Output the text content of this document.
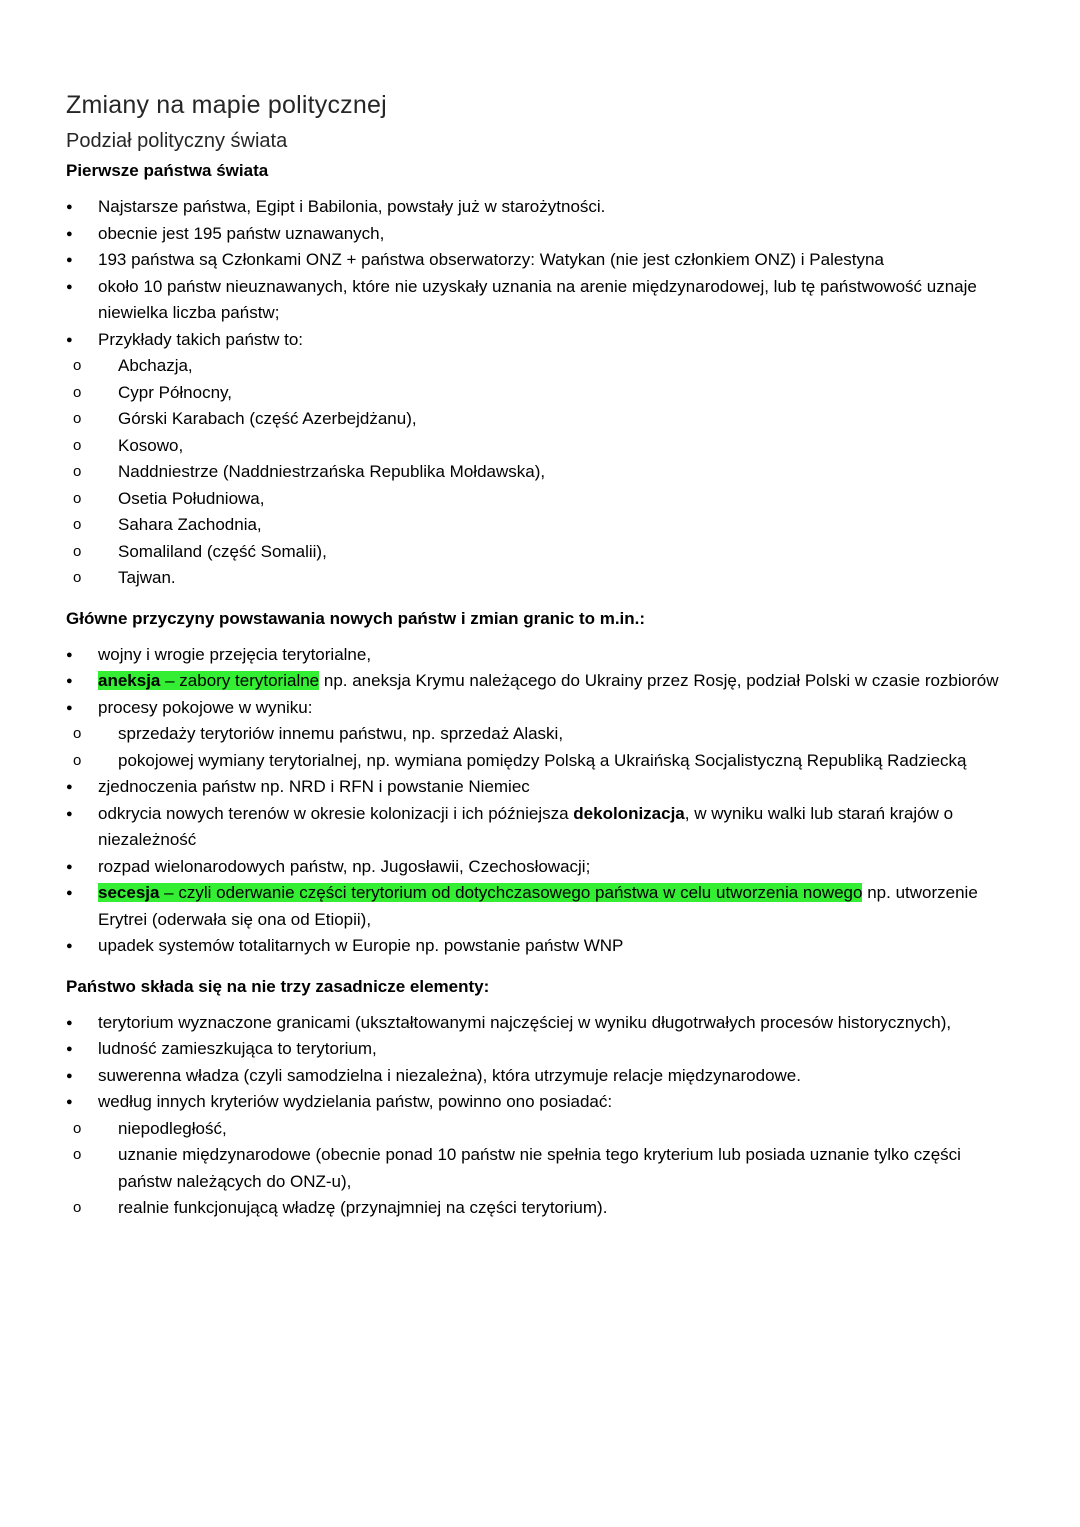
Zmiany na mapie politycznej
Podział polityczny świata
Pierwsze państwa świata
● Najstarsze państwa, Egipt i Babilonia, powstały już w starożytności.
● obecnie jest 195 państw uznawanych,
● 193 państwa są Członkami ONZ + państwa obserwatorzy: Watykan (nie jest członkiem ONZ) i Palestyna
● około 10 państw nieuznawanych, które nie uzyskały uznania na arenie międzynarodowej, lub tę państwowość uznaje niewielka liczba państw;
● Przykłady takich państw to:
o Abchazja,
o Cypr Północny,
o Górski Karabach (część Azerbejdżanu),
o Kosowo,
o Naddniestrze (Naddniestrzańska Republika Mołdawska),
o Osetia Południowa,
o Sahara Zachodnia,
o Somaliland (część Somalii),
o Tajwan.
Główne przyczyny powstawania nowych państw i zmian granic to m.in.:
● wojny i wrogie przejęcia terytorialne,
● aneksja – zabory terytorialne np. aneksja Krymu należącego do Ukrainy przez Rosję, podział Polski w czasie rozbiorów
● procesy pokojowe w wyniku:
o sprzedaży terytoriów innemu państwu, np. sprzedaż Alaski,
o pokojowej wymiany terytorialnej, np. wymiana pomiędzy Polską a Ukraińską Socjalistyczną Republiką Radziecką
● zjednoczenia państw np. NRD i RFN i powstanie Niemiec
● odkrycia nowych terenów w okresie kolonizacji i ich późniejsza dekolonizacja, w wyniku walki lub starań krajów o niezależność
● rozpad wielonarodowych państw, np. Jugosławii, Czechosłowacji;
● secesja – czyli oderwanie części terytorium od dotychczasowego państwa w celu utworzenia nowego np. utworzenie Erytrei (oderwała się ona od Etiopii),
● upadek systemów totalitarnych w Europie np. powstanie państw WNP
Państwo składa się na nie trzy zasadnicze elementy:
● terytorium wyznaczone granicami (ukształtowanymi najczęściej w wyniku długotrwałych procesów historycznych),
● ludność zamieszkująca to terytorium,
● suwerenna władza (czyli samodzielna i niezależna), która utrzymuje relacje międzynarodowe.
● według innych kryteriów wydzielania państw, powinno ono posiadać:
o niepodległość,
o uznanie międzynarodowe (obecnie ponad 10 państw nie spełnia tego kryterium lub posiada uznanie tylko części państw należących do ONZ-u),
o realnie funkcjonującą władzę (przynajmniej na części terytorium).
